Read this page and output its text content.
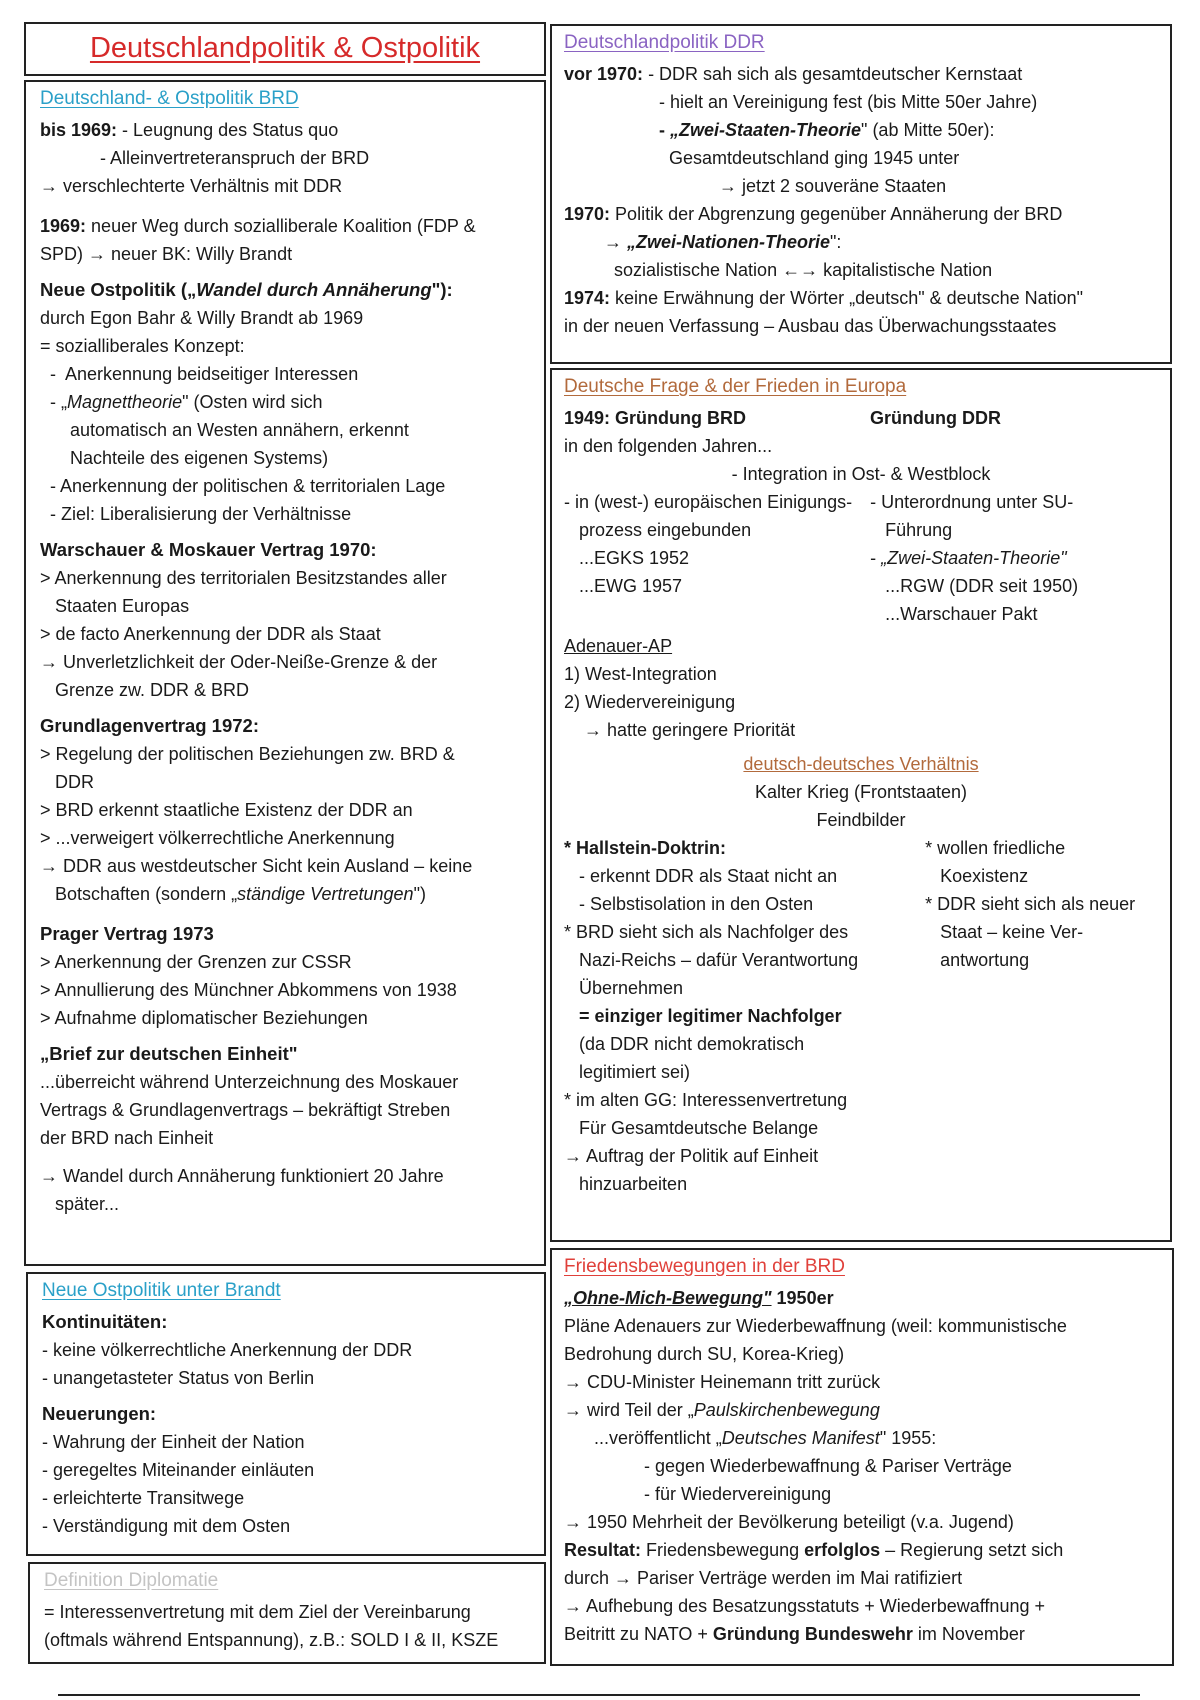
Deutschlandpolitik & Ostpolitik
Deutschland- & Ostpolitik BRD
bis 1969: - Leugnung des Status quo
- Alleinvertreteranspruch der BRD
→ verschlechterte Verhältnis mit DDR
1969: neuer Weg durch sozialliberale Koalition (FDP &
SPD) → neuer BK: Willy Brandt
Neue Ostpolitik („Wandel durch Annäherung"):
durch Egon Bahr & Willy Brandt ab 1969
= sozialliberales Konzept:
-  Anerkennung beidseitiger Interessen
- „Magnettheorie" (Osten wird sich
automatisch an Westen annähern, erkennt
Nachteile des eigenen Systems)
- Anerkennung der politischen & territorialen Lage
- Ziel: Liberalisierung der Verhältnisse
Warschauer & Moskauer Vertrag 1970:
> Anerkennung des territorialen Besitzstandes aller
Staaten Europas
> de facto Anerkennung der DDR als Staat
→ Unverletzlichkeit der Oder-Neiße-Grenze & der
Grenze zw. DDR & BRD
Grundlagenvertrag 1972:
> Regelung der politischen Beziehungen zw. BRD &
DDR
> BRD erkennt staatliche Existenz der DDR an
> ...verweigert völkerrechtliche Anerkennung
→ DDR aus westdeutscher Sicht kein Ausland – keine
Botschaften (sondern „ständige Vertretungen")
Prager Vertrag 1973
> Anerkennung der Grenzen zur CSSR
> Annullierung des Münchner Abkommens von 1938
> Aufnahme diplomatischer Beziehungen
„Brief zur deutschen Einheit"
...überreicht während Unterzeichnung des Moskauer
Vertrags & Grundlagenvertrags – bekräftigt Streben
der BRD nach Einheit
→ Wandel durch Annäherung funktioniert 20 Jahre
später...
Neue Ostpolitik unter Brandt
Kontinuitäten:
- keine völkerrechtliche Anerkennung der DDR
- unangetasteter Status von Berlin
Neuerungen:
- Wahrung der Einheit der Nation
- geregeltes Miteinander einläuten
- erleichterte Transitwege
- Verständigung mit dem Osten
Definition Diplomatie
= Interessenvertretung mit dem Ziel der Vereinbarung
(oftmals während Entspannung), z.B.: SOLD I & II, KSZE
Deutschlandpolitik DDR
vor 1970: - DDR sah sich als gesamtdeutscher Kernstaat
- hielt an Vereinigung fest (bis Mitte 50er Jahre)
- „Zwei-Staaten-Theorie" (ab Mitte 50er):
Gesamtdeutschland ging 1945 unter
→ jetzt 2 souveräne Staaten
1970: Politik der Abgrenzung gegenüber Annäherung der BRD
→ „Zwei-Nationen-Theorie":
sozialistische Nation ←→ kapitalistische Nation
1974: keine Erwähnung der Wörter „deutsch" & deutsche Nation"
in der neuen Verfassung – Ausbau das Überwachungsstaates
Deutsche Frage & der Frieden in Europa
1949: Gründung BRD	Gründung DDR
in den folgenden Jahren...
- Integration in Ost- & Westblock
- in (west-) europäischen Einigungs-
prozess eingebunden
...EGKS 1952
...EWG 1957
- Unterordnung unter SU-
Führung
- „Zwei-Staaten-Theorie"
...RGW (DDR seit 1950)
...Warschauer Pakt
Adenauer-AP
1) West-Integration
2) Wiedervereinigung
→ hatte geringere Priorität
deutsch-deutsches Verhältnis
Kalter Krieg (Frontstaaten)
Feindbilder
* Hallstein-Doktrin:
- erkennt DDR als Staat nicht an
- Selbstisolation in den Osten
* BRD sieht sich als Nachfolger des
Nazi-Reichs – dafür Verantwortung
Übernehmen
= einziger legitimer Nachfolger
(da DDR nicht demokratisch
legitimiert sei)
* im alten GG: Interessenvertretung
Für Gesamtdeutsche Belange
→ Auftrag der Politik auf Einheit
hinzuarbeiten
* wollen friedliche
Koexistenz
* DDR sieht sich als neuer
Staat – keine Ver-
antwortung
Friedensbewegungen in der BRD
„Ohne-Mich-Bewegung" 1950er
Pläne Adenauers zur Wiederbewaffnung (weil: kommunistische
Bedrohung durch SU, Korea-Krieg)
→ CDU-Minister Heinemann tritt zurück
→ wird Teil der „Paulskirchenbewegung
...veröffentlicht „Deutsches Manifest" 1955:
- gegen Wiederbewaffnung & Pariser Verträge
- für Wiedervereinigung
→ 1950 Mehrheit der Bevölkerung beteiligt (v.a. Jugend)
Resultat: Friedensbewegung erfolglos – Regierung setzt sich
durch → Pariser Verträge werden im Mai ratifiziert
→ Aufhebung des Besatzungsstatuts + Wiederbewaffnung +
Beitritt zu NATO + Gründung Bundeswehr im November
